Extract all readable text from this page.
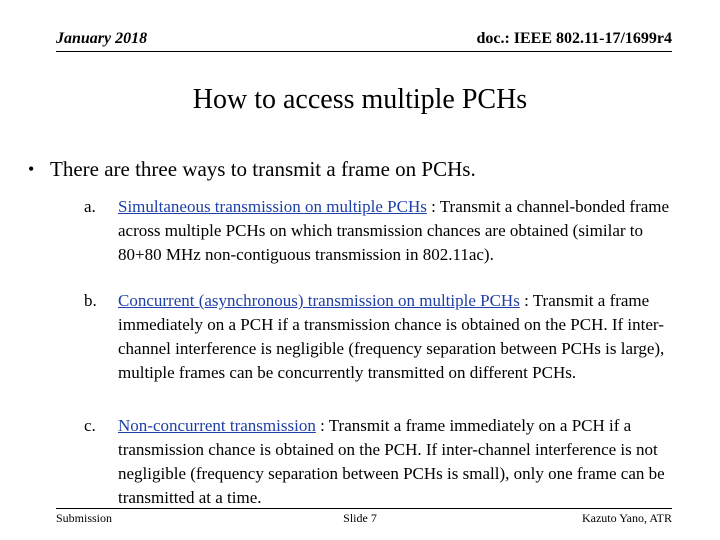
January 2018	doc.: IEEE 802.11-17/1699r4
How to access multiple PCHs
• There are three ways to transmit a frame on PCHs.
a.	Simultaneous transmission on multiple PCHs : Transmit a channel-bonded frame across multiple PCHs on which transmission chances are obtained (similar to 80+80 MHz non-contiguous transmission in 802.11ac).
b.	Concurrent (asynchronous) transmission on multiple PCHs : Transmit a frame immediately on a PCH if a transmission chance is obtained on the PCH. If inter-channel interference is negligible (frequency separation between PCHs is large), multiple frames can be concurrently transmitted on different PCHs.
c.	Non-concurrent transmission : Transmit a frame immediately on a PCH if a transmission chance is obtained on the PCH. If inter-channel interference is not negligible (frequency separation between PCHs is small), only one frame can be transmitted at a time.
Submission	Slide 7	Kazuto Yano, ATR
